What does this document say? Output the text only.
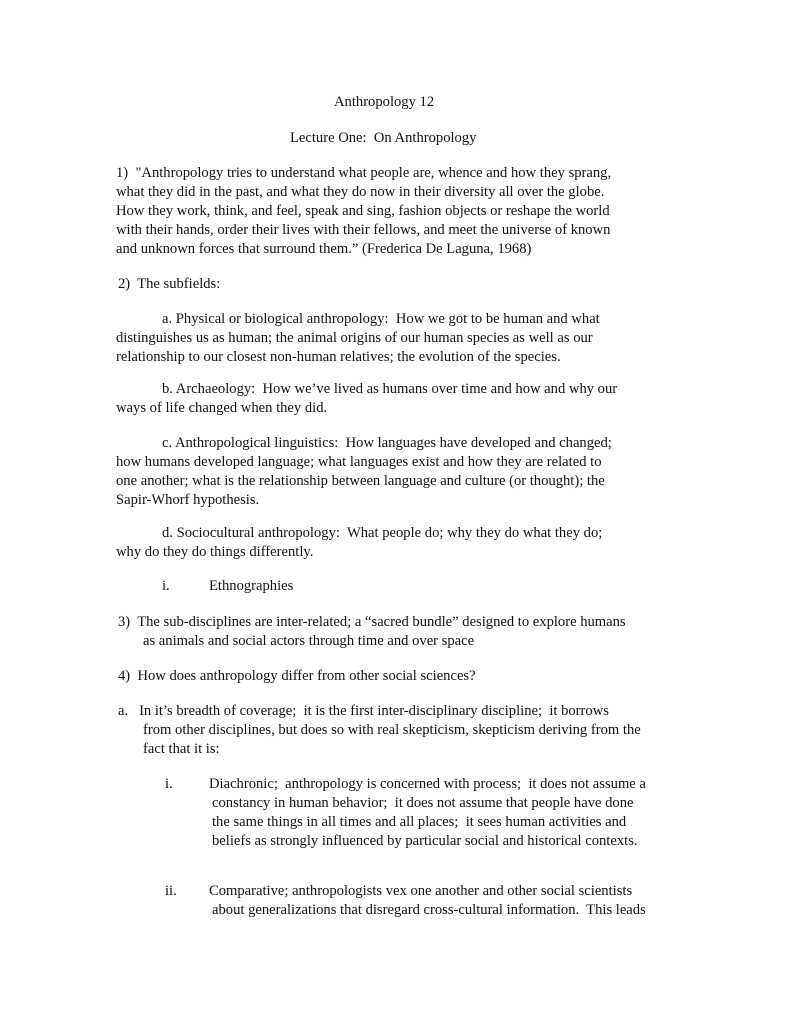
Anthropology 12
Lecture One:  On Anthropology
1)  "Anthropology tries to understand what people are, whence and how they sprang,
what they did in the past, and what they do now in their diversity all over the globe.
How they work, think, and feel, speak and sing, fashion objects or reshape the world
with their hands, order their lives with their fellows, and meet the universe of known
and unknown forces that surround them.” (Frederica De Laguna, 1968)
2)  The subfields:
a. Physical or biological anthropology:  How we got to be human and what
distinguishes us as human; the animal origins of our human species as well as our
relationship to our closest non-human relatives; the evolution of the species.
b. Archaeology:  How we’ve lived as humans over time and how and why our
ways of life changed when they did.
c. Anthropological linguistics:  How languages have developed and changed;
how humans developed language; what languages exist and how they are related to
one another; what is the relationship between language and culture (or thought); the
Sapir-Whorf hypothesis.
d. Sociocultural anthropology:  What people do; why they do what they do;
why do they do things differently.
i.	Ethnographies
3)  The sub-disciplines are inter-related; a “sacred bundle” designed to explore humans
as animals and social actors through time and over space
4)  How does anthropology differ from other social sciences?
a.   In it’s breadth of coverage;  it is the first inter-disciplinary discipline;  it borrows
from other disciplines, but does so with real skepticism, skepticism deriving from the
fact that it is:
i. Diachronic;  anthropology is concerned with process;  it does not assume a
constancy in human behavior;  it does not assume that people have done
the same things in all times and all places;  it sees human activities and
beliefs as strongly influenced by particular social and historical contexts.
ii. Comparative; anthropologists vex one another and other social scientists
about generalizations that disregard cross-cultural information.  This leads
